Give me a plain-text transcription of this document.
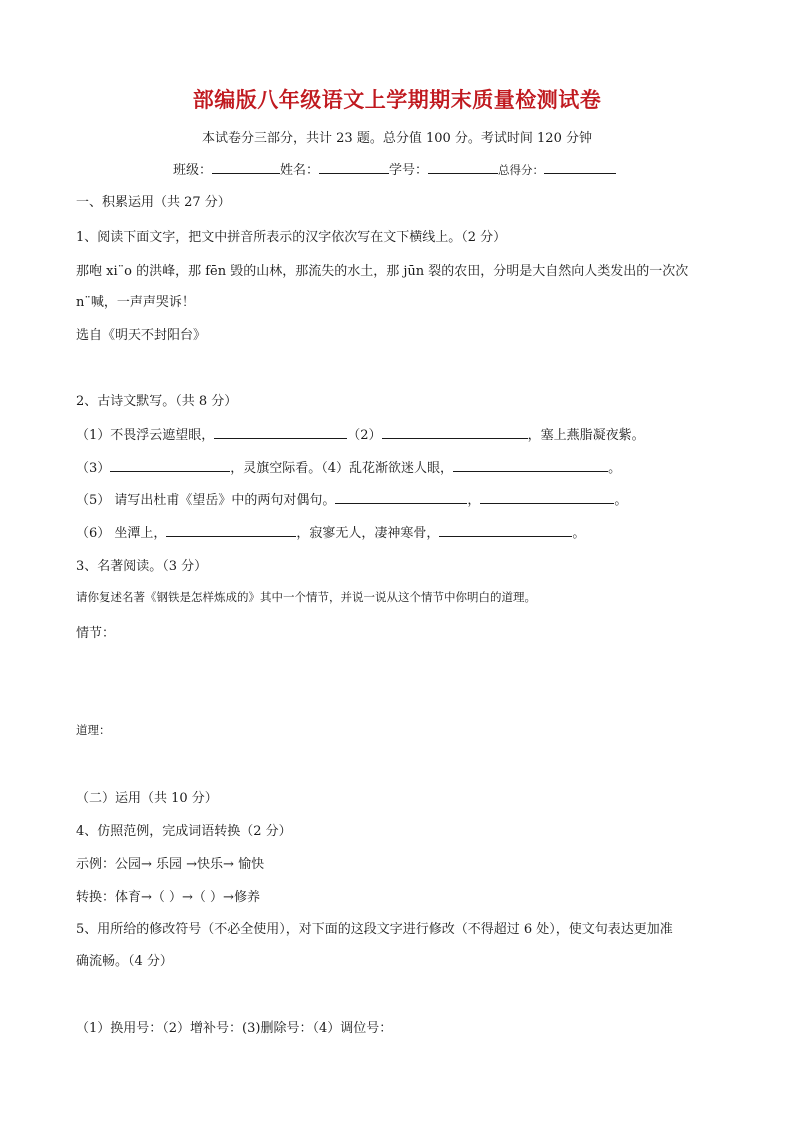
部编版八年级语文上学期期末质量检测试卷
本试卷分三部分，共计 23 题。总分值 100 分。考试时间 120 分钟
班级：	姓名：	学号：	总得分：
一、积累运用（共 27 分）
1、阅读下面文字，把文中拼音所表示的汉字依次写在文下横线上。（2 分）
那咆 xi¨o 的洪峰，那 fēn 毁的山林，那流失的水土，那 jūn 裂的农田，分明是大自然向人类发出的一次次
n¨喊，一声声哭诉！
选自《明天不封阳台》
2、古诗文默写。（共 8 分）
（1）不畏浮云遮望眼，	（2）	，塞上燕脂凝夜紫。
（3）	，灵旗空际看。（4）乱花渐欲迷人眼，	。
（5） 请写出杜甫《望岳》中的两句对偶句。	，	。
（6） 坐潭上，	，寂寥无人，凄神寒骨，	。
3、名著阅读。（3 分）
请你复述名著《钢铁是怎样炼成的》其中一个情节，并说一说从这个情节中你明白的道理。
情节：
道理：
（二）运用（共 10 分）
4、仿照范例，完成词语转换（2 分）
示例：公园→ 乐园 →快乐→ 愉快
转换：体育→（ ）→（ ）→修养
5、用所给的修改符号（不必全使用），对下面的这段文字进行修改（不得超过 6 处），使文句表达更加准
确流畅。（4 分）
（1）换用号：（2）增补号：(3)删除号：（4）调位号：
